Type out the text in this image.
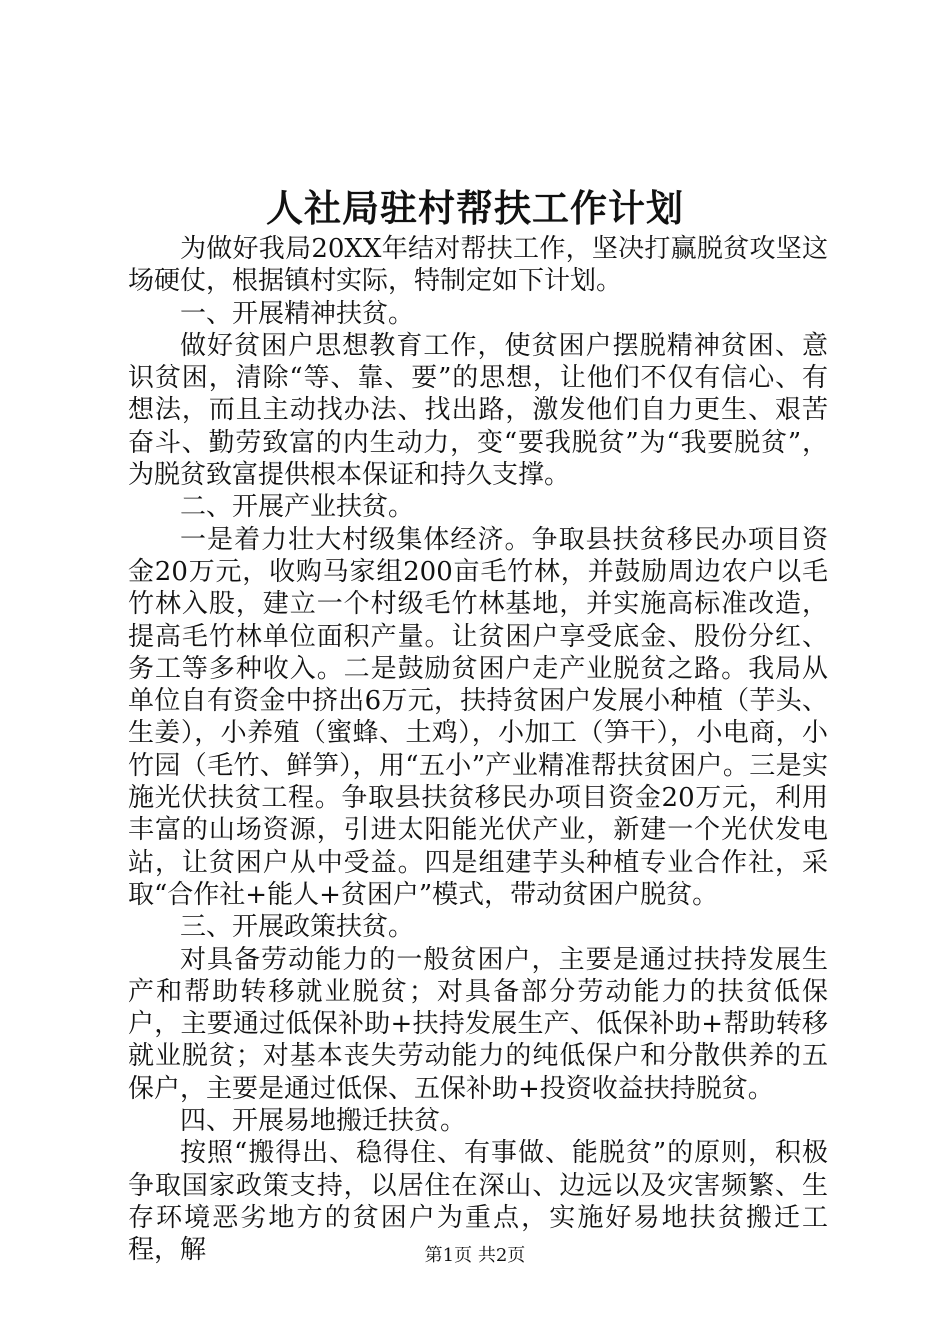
人社局驻村帮扶工作计划

为做好我局20XX年结对帮扶工作，坚决打赢脱贫攻坚这场硬仗，根据镇村实际，特制定如下计划。

一、开展精神扶贫。

做好贫困户思想教育工作，使贫困户摆脱精神贫困、意识贫困，清除“等、靠、要”的思想，让他们不仅有信心、有想法，而且主动找办法、找出路，激发他们自力更生、艰苦奋斗、勤劳致富的内生动力，变“要我脱贫”为“我要脱贫”，为脱贫致富提供根本保证和持久支撑。

二、开展产业扶贫。

一是着力壮大村级集体经济。争取县扶贫移民办项目资金20万元，收购马家组200亩毛竹林，并鼓励周边农户以毛竹林入股，建立一个村级毛竹林基地，并实施高标准改造，提高毛竹林单位面积产量。让贫困户享受底金、股份分红、务工等多种收入。二是鼓励贫困户走产业脱贫之路。我局从单位自有资金中挤出6万元，扶持贫困户发展小种植（芋头、生姜），小养殖（蜜蜂、土鸡），小加工（笋干），小电商，小竹园（毛竹、鲜笋），用“五小”产业精准帮扶贫困户。三是实施光伏扶贫工程。争取县扶贫移民办项目资金20万元，利用丰富的山场资源，引进太阳能光伏产业，新建一个光伏发电站，让贫困户从中受益。四是组建芋头种植专业合作社，采取“合作社+能人+贫困户”模式，带动贫困户脱贫。

三、开展政策扶贫。

对具备劳动能力的一般贫困户，主要是通过扶持发展生产和帮助转移就业脱贫；对具备部分劳动能力的扶贫低保户，主要通过低保补助+扶持发展生产、低保补助+帮助转移就业脱贫；对基本丧失劳动能力的纯低保户和分散供养的五保户，主要是通过低保、五保补助+投资收益扶持脱贫。

四、开展易地搬迁扶贫。

按照“搬得出、稳得住、有事做、能脱贫”的原则，积极争取国家政策支持，以居住在深山、边远以及灾害频繁、生存环境恶劣地方的贫困户为重点，实施好易地扶贫搬迁工程，解	第1页 共2页
